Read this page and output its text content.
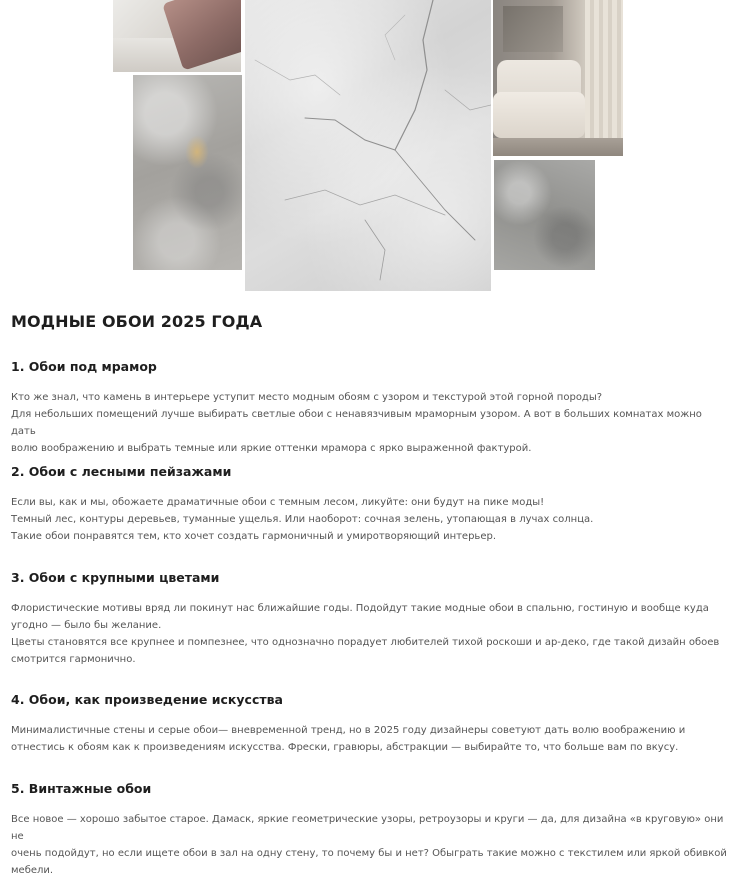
МОДНЫЕ ОБОИ 2025 ГОДА
1. Обои под мрамор

Кто же знал, что камень в интерьере уступит место модным обоям с узором и текстурой этой горной породы?
Для небольших помещений лучше выбирать светлые обои с ненавязчивым мраморным узором. А вот в больших комнатах можно дать
волю воображению и выбрать темные или яркие оттенки мрамора с ярко выраженной фактурой.

2. Обои с лесными пейзажами

Если вы, как и мы, обожаете драматичные обои с темным лесом, ликуйте: они будут на пике моды!
Темный лес, контуры деревьев, туманные ущелья. Или наоборот: сочная зелень, утопающая в лучах солнца.
Такие обои понравятся тем, кто хочет создать гармоничный и умиротворяющий интерьер.

3. Обои с крупными цветами

Флористические мотивы вряд ли покинут нас ближайшие годы. Подойдут такие модные обои в спальню, гостиную и вообще куда
угодно — было бы желание.
Цветы становятся все крупнее и помпезнее, что однозначно порадует любителей тихой роскоши и ар-деко, где такой дизайн обоев
смотрится гармонично.

4. Обои, как произведение искусства

Минималистичные стены и серые обои— вневременной тренд, но в 2025 году дизайнеры советуют дать волю воображению и
отнестись к обоям как к произведениям искусства. Фрески, гравюры, абстракции — выбирайте то, что больше вам по вкусу.

5. Винтажные обои

Все новое — хорошо забытое старое. Дамаск, яркие геометрические узоры, ретроузоры и круги — да, для дизайна «в круговую» они не
очень подойдут, но если ищете обои в зал на одну стену, то почему бы и нет? Обыграть такие можно с текстилем или яркой обивкой
мебели.
